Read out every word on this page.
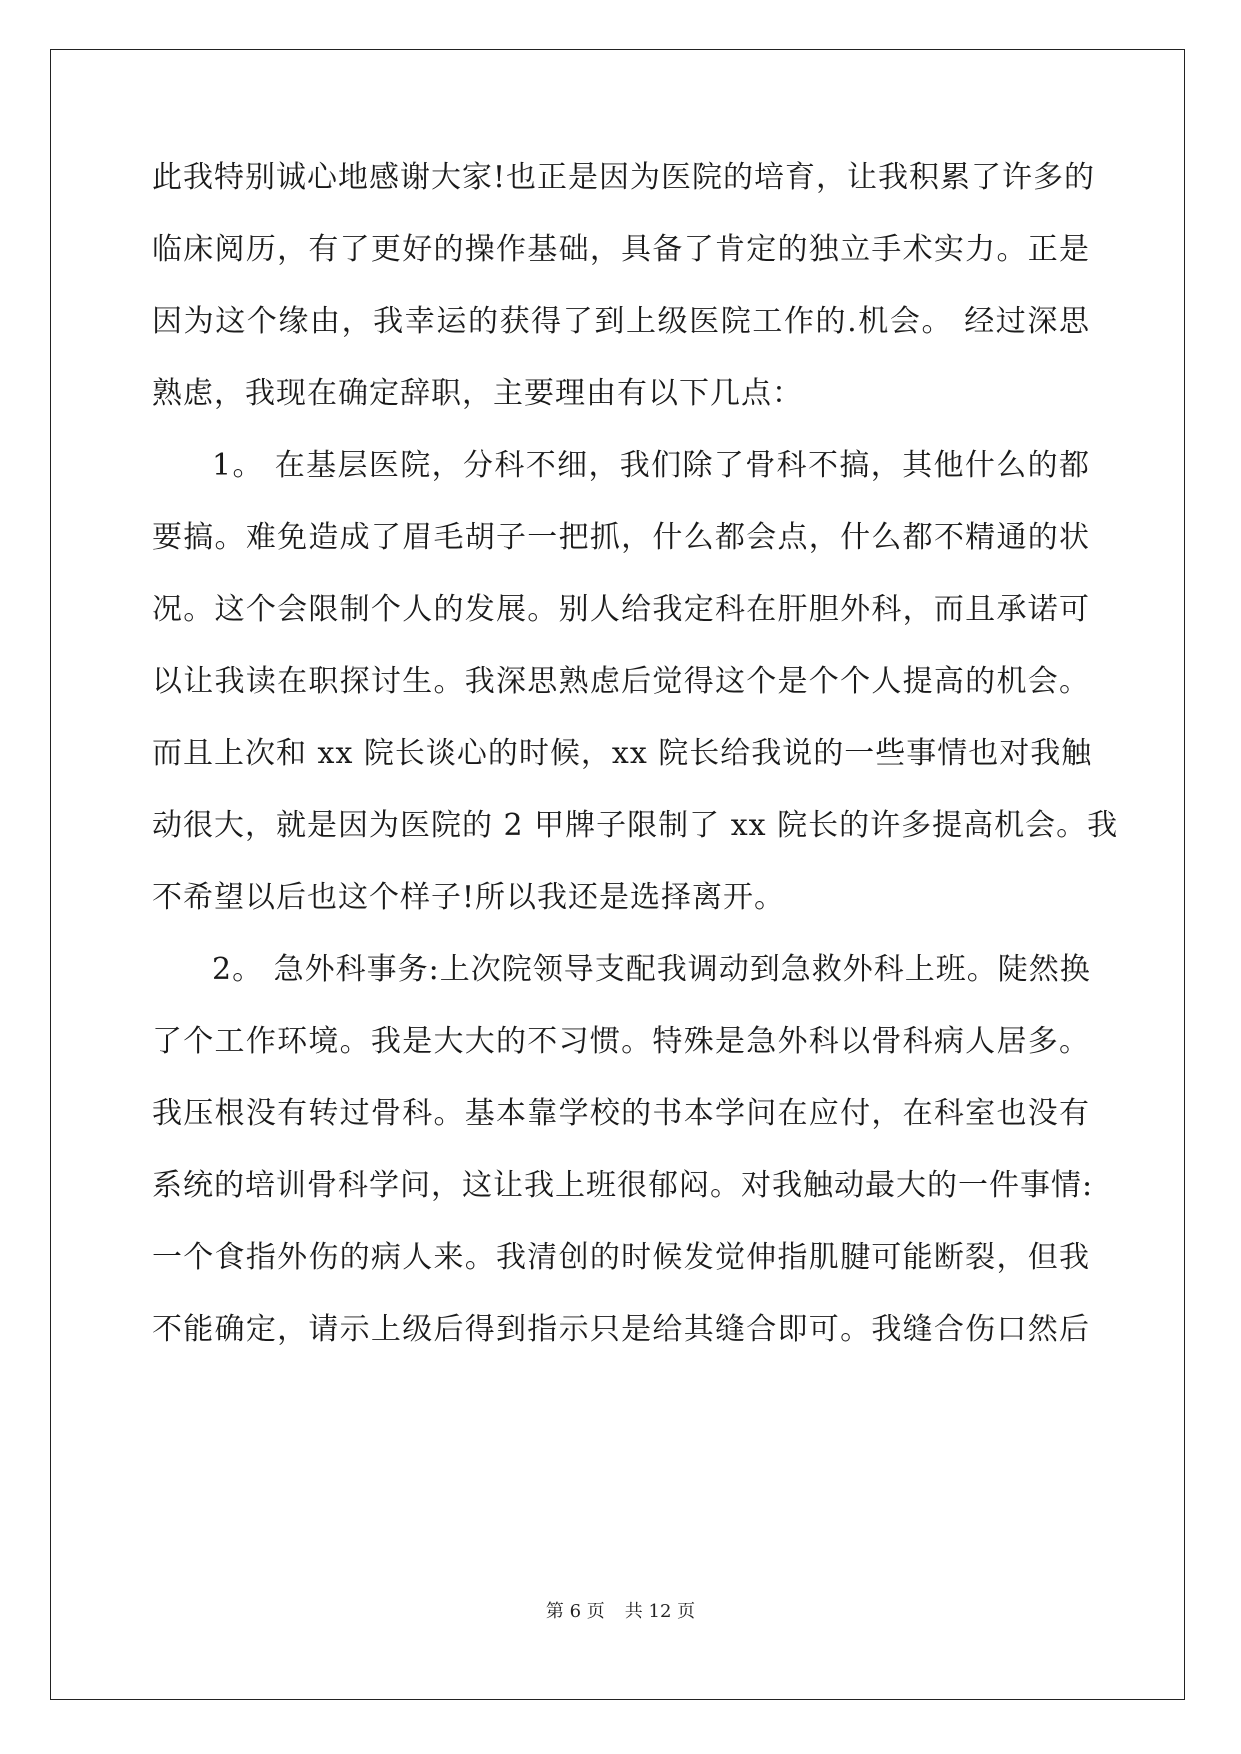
此我特别诚心地感谢大家!也正是因为医院的培育，让我积累了许多的
临床阅历，有了更好的操作基础，具备了肯定的独立手术实力。正是
因为这个缘由，我幸运的获得了到上级医院工作的.机会。 经过深思
熟虑，我现在确定辞职，主要理由有以下几点：
1。 在基层医院，分科不细，我们除了骨科不搞，其他什么的都
要搞。难免造成了眉毛胡子一把抓，什么都会点，什么都不精通的状
况。这个会限制个人的发展。别人给我定科在肝胆外科，而且承诺可
以让我读在职探讨生。我深思熟虑后觉得这个是个个人提高的机会。
而且上次和 xx 院长谈心的时候，xx 院长给我说的一些事情也对我触
动很大，就是因为医院的 2 甲牌子限制了 xx 院长的许多提高机会。我
不希望以后也这个样子!所以我还是选择离开。
2。 急外科事务:上次院领导支配我调动到急救外科上班。陡然换
了个工作环境。我是大大的不习惯。特殊是急外科以骨科病人居多。
我压根没有转过骨科。基本靠学校的书本学问在应付，在科室也没有
系统的培训骨科学问，这让我上班很郁闷。对我触动最大的一件事情:
一个食指外伤的病人来。我清创的时候发觉伸指肌腱可能断裂，但我
不能确定，请示上级后得到指示只是给其缝合即可。我缝合伤口然后
第 6 页 共 12 页
